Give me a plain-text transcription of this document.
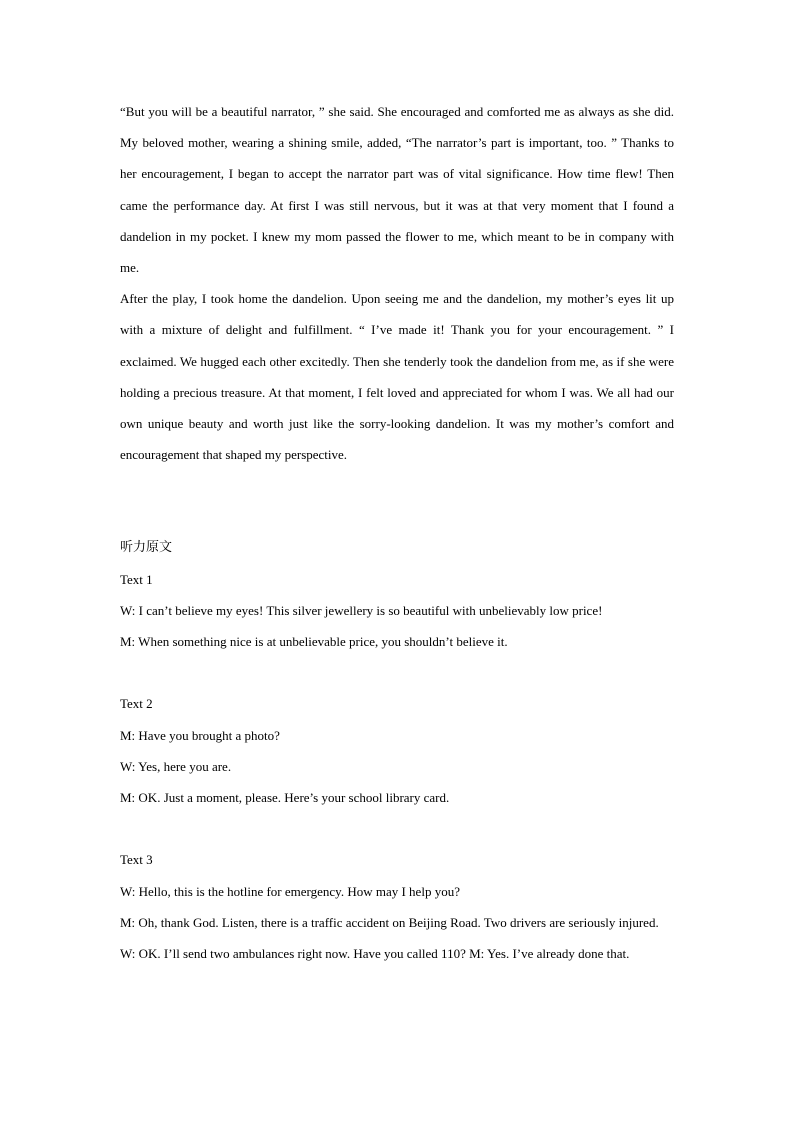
“But you will be a beautiful narrator, ” she said. She encouraged and comforted me as always as she did. My beloved mother, wearing a shining smile, added, “The narrator’s part is important, too. ” Thanks to her encouragement, I began to accept the narrator part was of vital significance. How time flew! Then came the performance day. At first I was still nervous, but it was at that very moment that I found a dandelion in my pocket. I knew my mom passed the flower to me, which meant to be in company with me.

After the play, I took home the dandelion. Upon seeing me and the dandelion, my mother’s eyes lit up with a mixture of delight and fulfillment. “ I’ve made it! Thank you for your encouragement. ” I exclaimed. We hugged each other excitedly. Then she tenderly took the dandelion from me, as if she were holding a precious treasure. At that moment, I felt loved and appreciated for whom I was. We all had our own unique beauty and worth just like the sorry-looking dandelion. It was my mother’s comfort and encouragement that shaped my perspective.

听力原文

Text 1

W: I can’t believe my eyes! This silver jewellery is so beautiful with unbelievably low price!

M: When something nice is at unbelievable price, you shouldn’t believe it.

Text 2

M: Have you brought a photo?

W: Yes, here you are.

M: OK. Just a moment, please. Here’s your school library card.

Text 3

W: Hello, this is the hotline for emergency. How may I help you?

M: Oh, thank God. Listen, there is a traffic accident on Beijing Road. Two drivers are seriously injured.

W: OK. I’ll send two ambulances right now. Have you called 110? M: Yes. I’ve already done that.
